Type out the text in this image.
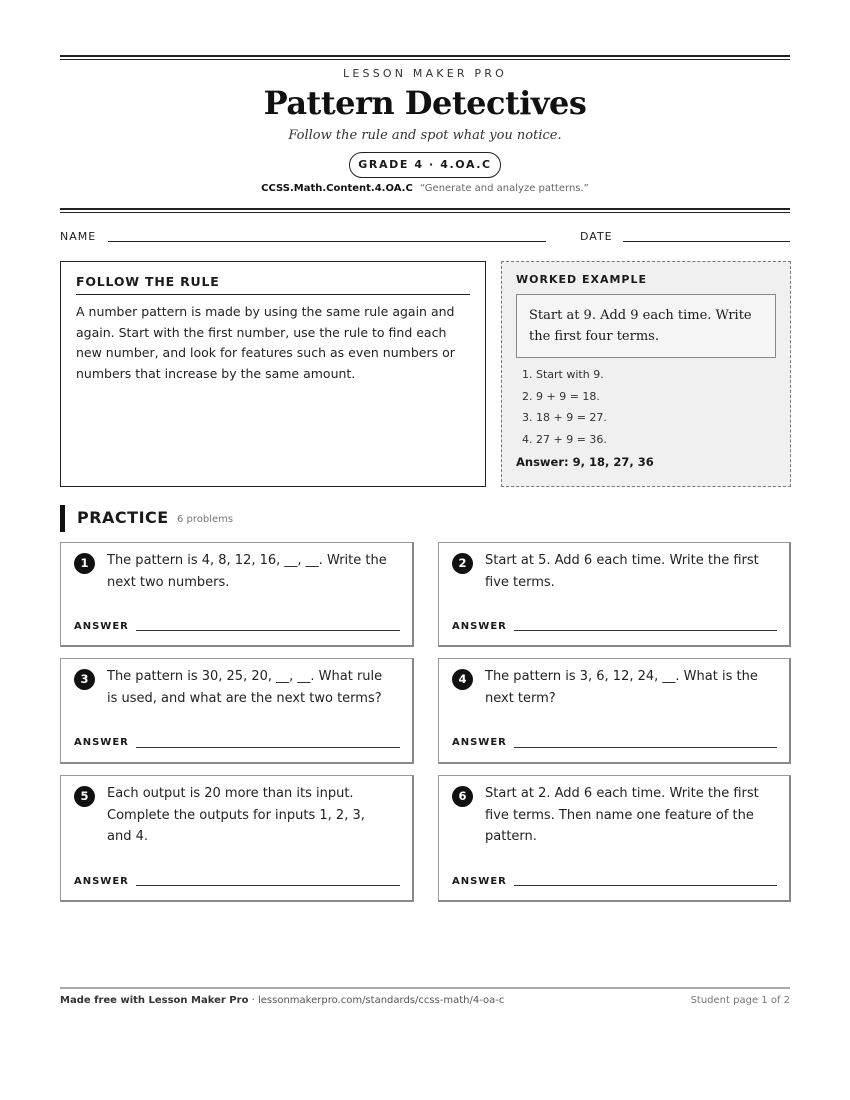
LESSON MAKER PRO
Pattern Detectives
Follow the rule and spot what you notice.
GRADE 4 · 4.OA.C
CCSS.Math.Content.4.OA.C “Generate and analyze patterns.”
NAME	DATE
FOLLOW THE RULE
A number pattern is made by using the same rule again and again. Start with the first number, use the rule to find each new number, and look for features such as even numbers or numbers that increase by the same amount.
WORKED EXAMPLE
Start at 9. Add 9 each time. Write the first four terms.
1. Start with 9.
2. 9 + 9 = 18.
3. 18 + 9 = 27.
4. 27 + 9 = 36.
Answer: 9, 18, 27, 36
PRACTICE 6 problems
1	The pattern is 4, 8, 12, 16, __, __. Write the next two numbers.
ANSWER
2	Start at 5. Add 6 each time. Write the first five terms.
ANSWER
3	The pattern is 30, 25, 20, __, __. What rule is used, and what are the next two terms?
ANSWER
4	The pattern is 3, 6, 12, 24, __. What is the next term?
ANSWER
5	Each output is 20 more than its input. Complete the outputs for inputs 1, 2, 3, and 4.
ANSWER
6	Start at 2. Add 6 each time. Write the first five terms. Then name one feature of the pattern.
ANSWER
Made free with Lesson Maker Pro · lessonmakerpro.com/standards/ccss-math/4-oa-c	Student page 1 of 2
